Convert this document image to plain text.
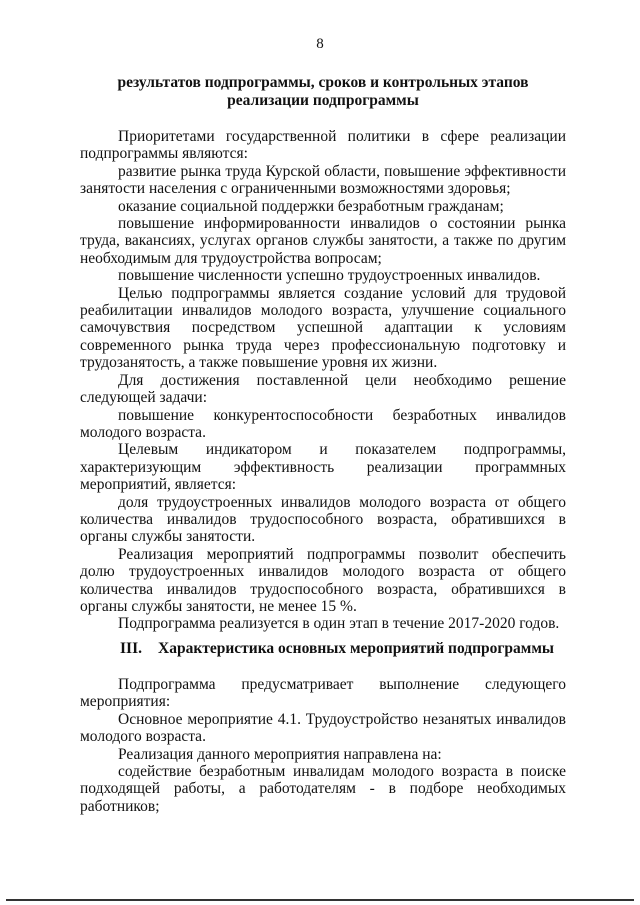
8
результатов подпрограммы, сроков и контрольных этапов реализации подпрограммы

Приоритетами государственной политики в сфере реализации подпрограммы являются:

развитие рынка труда Курской области, повышение эффективности занятости населения с ограниченными возможностями здоровья;

оказание социальной поддержки безработным гражданам;

повышение информированности инвалидов о состоянии рынка труда, вакансиях, услугах органов службы занятости, а также по другим необходимым для трудоустройства вопросам;

повышение численности успешно трудоустроенных инвалидов.

Целью подпрограммы является создание условий для трудовой реабилитации инвалидов молодого возраста, улучшение социального самочувствия посредством успешной адаптации к условиям современного рынка труда через профессиональную подготовку и трудозанятость, а также повышение уровня их жизни.

Для достижения поставленной цели необходимо решение следующей задачи:

повышение конкурентоспособности безработных инвалидов молодого возраста.

Целевым индикатором и показателем подпрограммы, характеризующим эффективность реализации программных мероприятий, является:

доля трудоустроенных инвалидов молодого возраста от общего количества инвалидов трудоспособного возраста, обратившихся в органы службы занятости.

Реализация мероприятий подпрограммы позволит обеспечить долю трудоустроенных инвалидов молодого возраста от общего количества инвалидов трудоспособного возраста, обратившихся в органы службы занятости, не менее 15 %.

Подпрограмма реализуется в один этап в течение 2017-2020 годов.

III. Характеристика основных мероприятий подпрограммы

Подпрограмма предусматривает выполнение следующего мероприятия:

Основное мероприятие 4.1. Трудоустройство незанятых инвалидов молодого возраста.

Реализация данного мероприятия направлена на:

содействие безработным инвалидам молодого возраста в поиске подходящей работы, а работодателям - в подборе необходимых работников;
